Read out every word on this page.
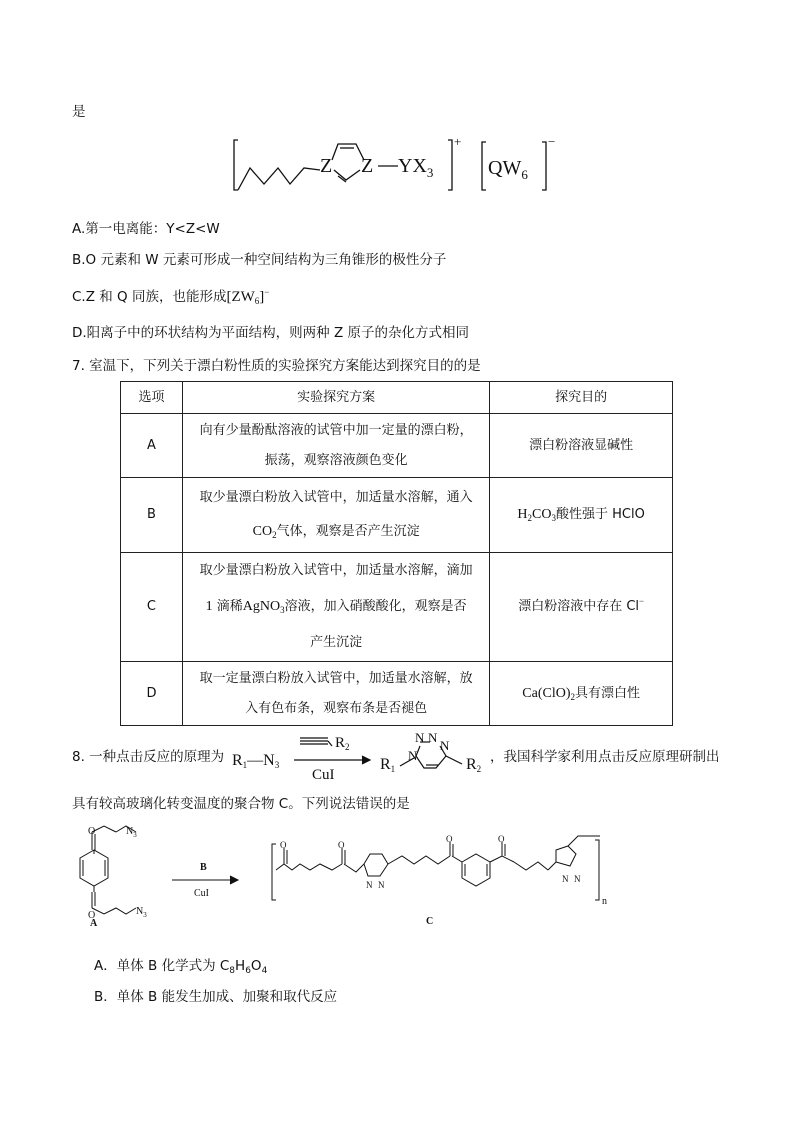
是
Z Z $YX_3$
+
$QW_6$
−
A.第一电离能：Y<Z<W
B.O 元素和 W 元素可形成一种空间结构为三角锥形的极性分子
C.Z 和 Q 同族，也能形成$[ZW_6]^-$
D.阳离子中的环状结构为平面结构，则两种 Z 原子的杂化方式相同
7. 室温下，下列关于漂白粉性质的实验探究方案能达到探究目的的是
选项	实验探究方案	探究目的
A	向有少量酚酞溶液的试管中加一定量的漂白粉，
振荡，观察溶液颜色变化	漂白粉溶液显碱性
B	取少量漂白粉放入试管中，加适量水溶解，通入
$CO_2$气体，观察是否产生沉淀	$H_2CO_3$酸性强于 HClO
C	取少量漂白粉放入试管中，加适量水溶解，滴加
1 滴稀AgNO$_3$溶液，加入硝酸酸化，观察是否
产生沉淀	漂白粉溶液中存在 Cl−
D	取一定量漂白粉放入试管中，加适量水溶解，放
入有色布条，观察布条是否褪色	$Ca(ClO)_2$具有漂白性
8. 一种点击反应的原理为 $R_1—N_3$
$R_2$
CuI
N N
N
N
$R_1$	$R_2$
，我国科学家利用点击反应原理研制出
具有较高玻璃化转变温度的聚合物 C。下列说法错误的是
$N_3$
$N_3$
O
O
A
B
CuI
O	O
O	O
N N
N N
n
C
A．单体 B 化学式为 $C_8H_6O_4$
B．单体 B 能发生加成、加聚和取代反应
